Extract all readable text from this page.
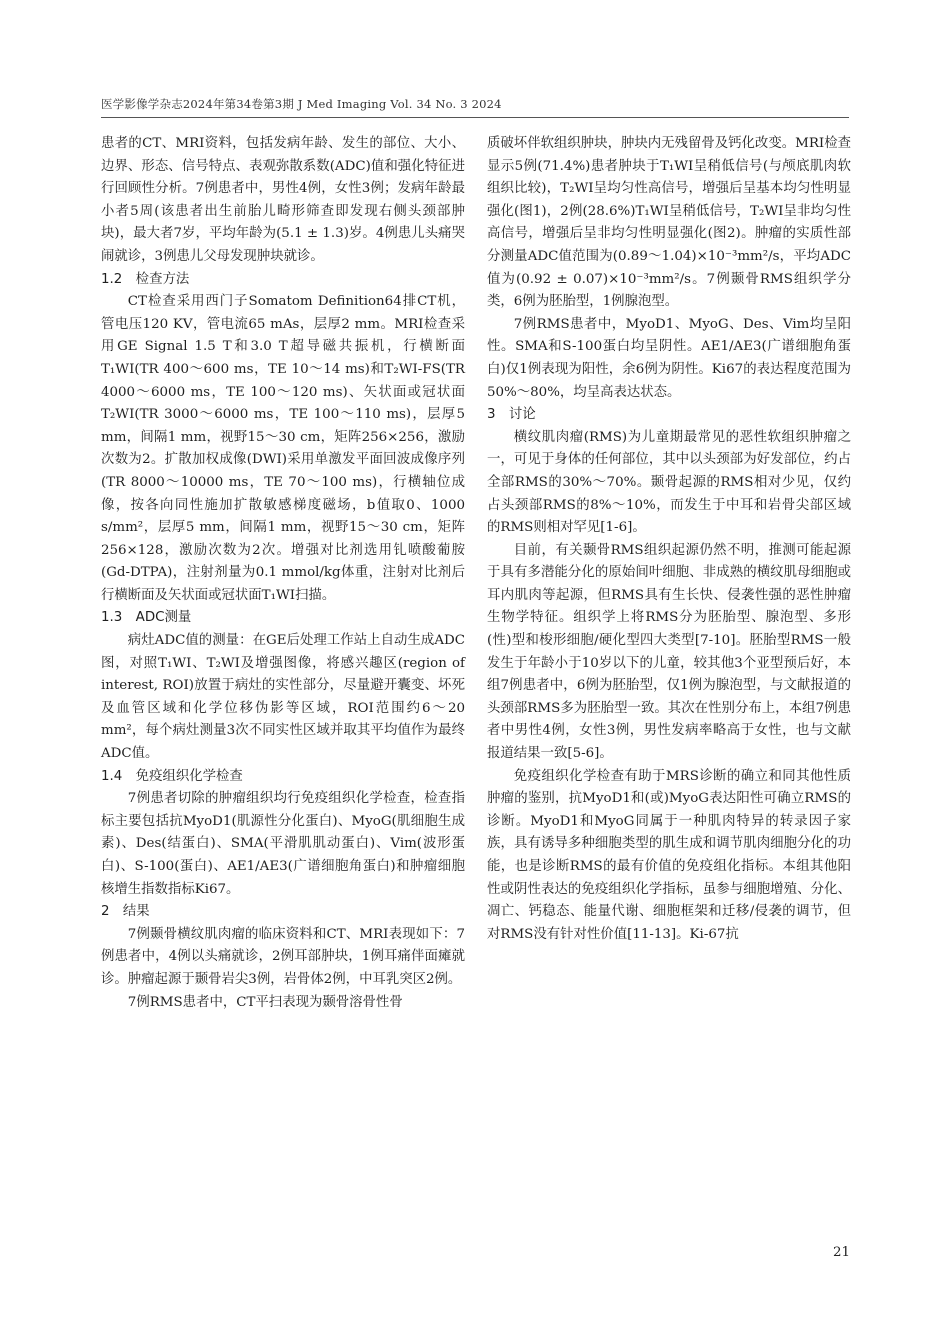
医学影像学杂志2024年第34卷第3期 J Med Imaging Vol. 34 No. 3 2024

患者的CT、MRI资料，包括发病年龄、发生的部位、大小、边界、形态、信号特点、表观弥散系数(ADC)值和强化特征进行回顾性分析。7例患者中，男性4例，女性3例；发病年龄最小者5周(该患者出生前胎儿畸形筛查即发现右侧头颈部肿块)，最大者7岁，平均年龄为(5.1 ± 1.3)岁。4例患儿头痛哭闹就诊，3例患儿父母发现肿块就诊。

1.2　检查方法

CT检查采用西门子Somatom Definition64排CT机，管电压120 KV，管电流65 mAs，层厚2 mm。MRI检查采用GE Signal 1.5 T和3.0 T超导磁共振机，行横断面T₁WI(TR 400～600 ms，TE 10～14 ms)和T₂WI-FS(TR 4000～6000 ms，TE 100～120 ms)、矢状面或冠状面T₂WI(TR 3000～6000 ms，TE 100～110 ms)，层厚5 mm，间隔1 mm，视野15～30 cm，矩阵256×256，激励次数为2。扩散加权成像(DWI)采用单激发平面回波成像序列(TR 8000～10000 ms，TE 70～100 ms)，行横轴位成像，按各向同性施加扩散敏感梯度磁场，b值取0、1000 s/mm²，层厚5 mm，间隔1 mm，视野15～30 cm，矩阵256×128，激励次数为2次。增强对比剂选用钆喷酸葡胺(Gd-DTPA)，注射剂量为0.1 mmol/kg体重，注射对比剂后行横断面及矢状面或冠状面T₁WI扫描。

1.3　ADC测量

病灶ADC值的测量：在GE后处理工作站上自动生成ADC图，对照T₁WI、T₂WI及增强图像，将感兴趣区(region of interest, ROI)放置于病灶的实性部分，尽量避开囊变、坏死及血管区域和化学位移伪影等区域，ROI范围约6～20 mm²，每个病灶测量3次不同实性区域并取其平均值作为最终ADC值。

1.4　免疫组织化学检查

7例患者切除的肿瘤组织均行免疫组织化学检查，检查指标主要包括抗MyoD1(肌源性分化蛋白)、MyoG(肌细胞生成素)、Des(结蛋白)、SMA(平滑肌肌动蛋白)、Vim(波形蛋白)、S-100(蛋白)、AE1/AE3(广谱细胞角蛋白)和肿瘤细胞核增生指数指标Ki67。

2　结果

7例颞骨横纹肌肉瘤的临床资料和CT、MRI表现如下：7例患者中，4例以头痛就诊，2例耳部肿块，1例耳痛伴面瘫就诊。肿瘤起源于颞骨岩尖3例，岩骨体2例，中耳乳突区2例。

7例RMS患者中，CT平扫表现为颞骨溶骨性骨

质破坏伴软组织肿块，肿块内无残留骨及钙化改变。MRI检查显示5例(71.4%)患者肿块于T₁WI呈稍低信号(与颅底肌肉软组织比较)，T₂WI呈均匀性高信号，增强后呈基本均匀性明显强化(图1)，2例(28.6%)T₁WI呈稍低信号，T₂WI呈非均匀性高信号，增强后呈非均匀性明显强化(图2)。肿瘤的实质性部分测量ADC值范围为(0.89～1.04)×10⁻³mm²/s，平均ADC值为(0.92 ± 0.07)×10⁻³mm²/s。7例颞骨RMS组织学分类，6例为胚胎型，1例腺泡型。

7例RMS患者中，MyoD1、MyoG、Des、Vim均呈阳性。SMA和S-100蛋白均呈阴性。AE1/AE3(广谱细胞角蛋白)仅1例表现为阳性，余6例为阴性。Ki67的表达程度范围为50%～80%，均呈高表达状态。

3　讨论

横纹肌肉瘤(RMS)为儿童期最常见的恶性软组织肿瘤之一，可见于身体的任何部位，其中以头颈部为好发部位，约占全部RMS的30%～70%。颞骨起源的RMS相对少见，仅约占头颈部RMS的8%～10%，而发生于中耳和岩骨尖部区域的RMS则相对罕见[1-6]。

目前，有关颞骨RMS组织起源仍然不明，推测可能起源于具有多潜能分化的原始间叶细胞、非成熟的横纹肌母细胞或耳内肌肉等起源，但RMS具有生长快、侵袭性强的恶性肿瘤生物学特征。组织学上将RMS分为胚胎型、腺泡型、多形(性)型和梭形细胞/硬化型四大类型[7-10]。胚胎型RMS一般发生于年龄小于10岁以下的儿童，较其他3个亚型预后好，本组7例患者中，6例为胚胎型，仅1例为腺泡型，与文献报道的头颈部RMS多为胚胎型一致。其次在性别分布上，本组7例患者中男性4例，女性3例，男性发病率略高于女性，也与文献报道结果一致[5-6]。

免疫组织化学检查有助于MRS诊断的确立和同其他性质肿瘤的鉴别，抗MyoD1和(或)MyoG表达阳性可确立RMS的诊断。MyoD1和MyoG同属于一种肌肉特异的转录因子家族，具有诱导多种细胞类型的肌生成和调节肌肉细胞分化的功能，也是诊断RMS的最有价值的免疫组化指标。本组其他阳性或阴性表达的免疫组织化学指标，虽参与细胞增殖、分化、凋亡、钙稳态、能量代谢、细胞框架和迁移/侵袭的调节，但对RMS没有针对性价值[11-13]。Ki-67抗

21
